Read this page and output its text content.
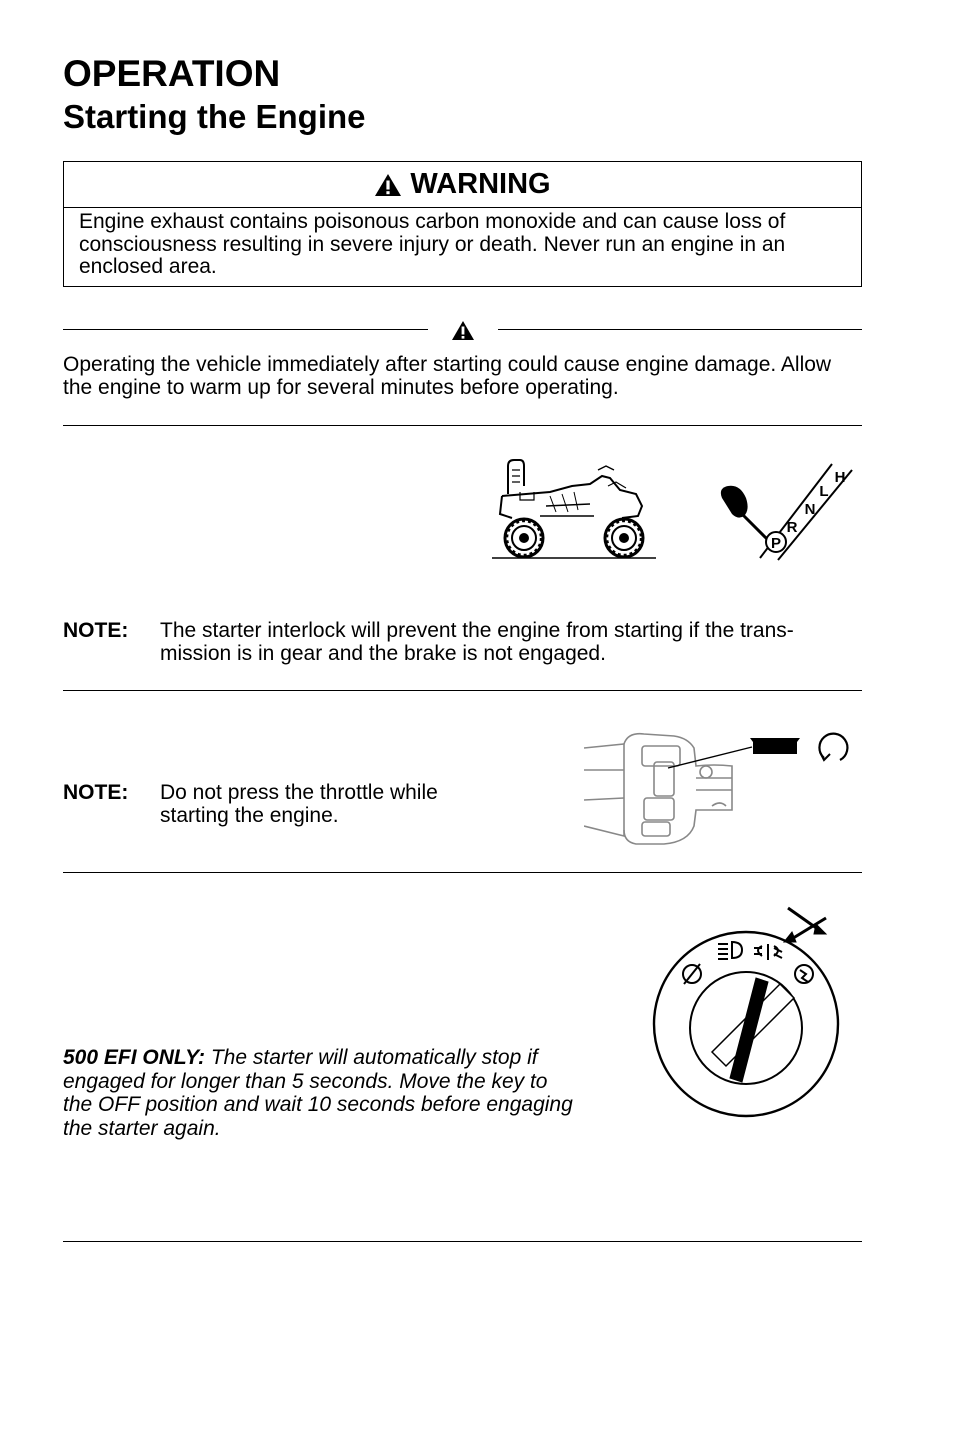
OPERATION
Starting the Engine
WARNING
Engine exhaust contains poisonous carbon monoxide and can cause loss of consciousness resulting in severe injury or death. Never run an engine in an enclosed area.
Operating the vehicle immediately after starting could cause engine damage. Allow the engine to warm up for several minutes before operating.
P
R
N
L
H
NOTE: The starter interlock will prevent the engine from starting if the trans-mission is in gear and the brake is not engaged.
NOTE: Do not press the throttle while starting the engine.
500 EFI ONLY: The starter will automatically stop if engaged for longer than 5 seconds. Move the key to the OFF position and wait 10 seconds before engaging the starter again.
